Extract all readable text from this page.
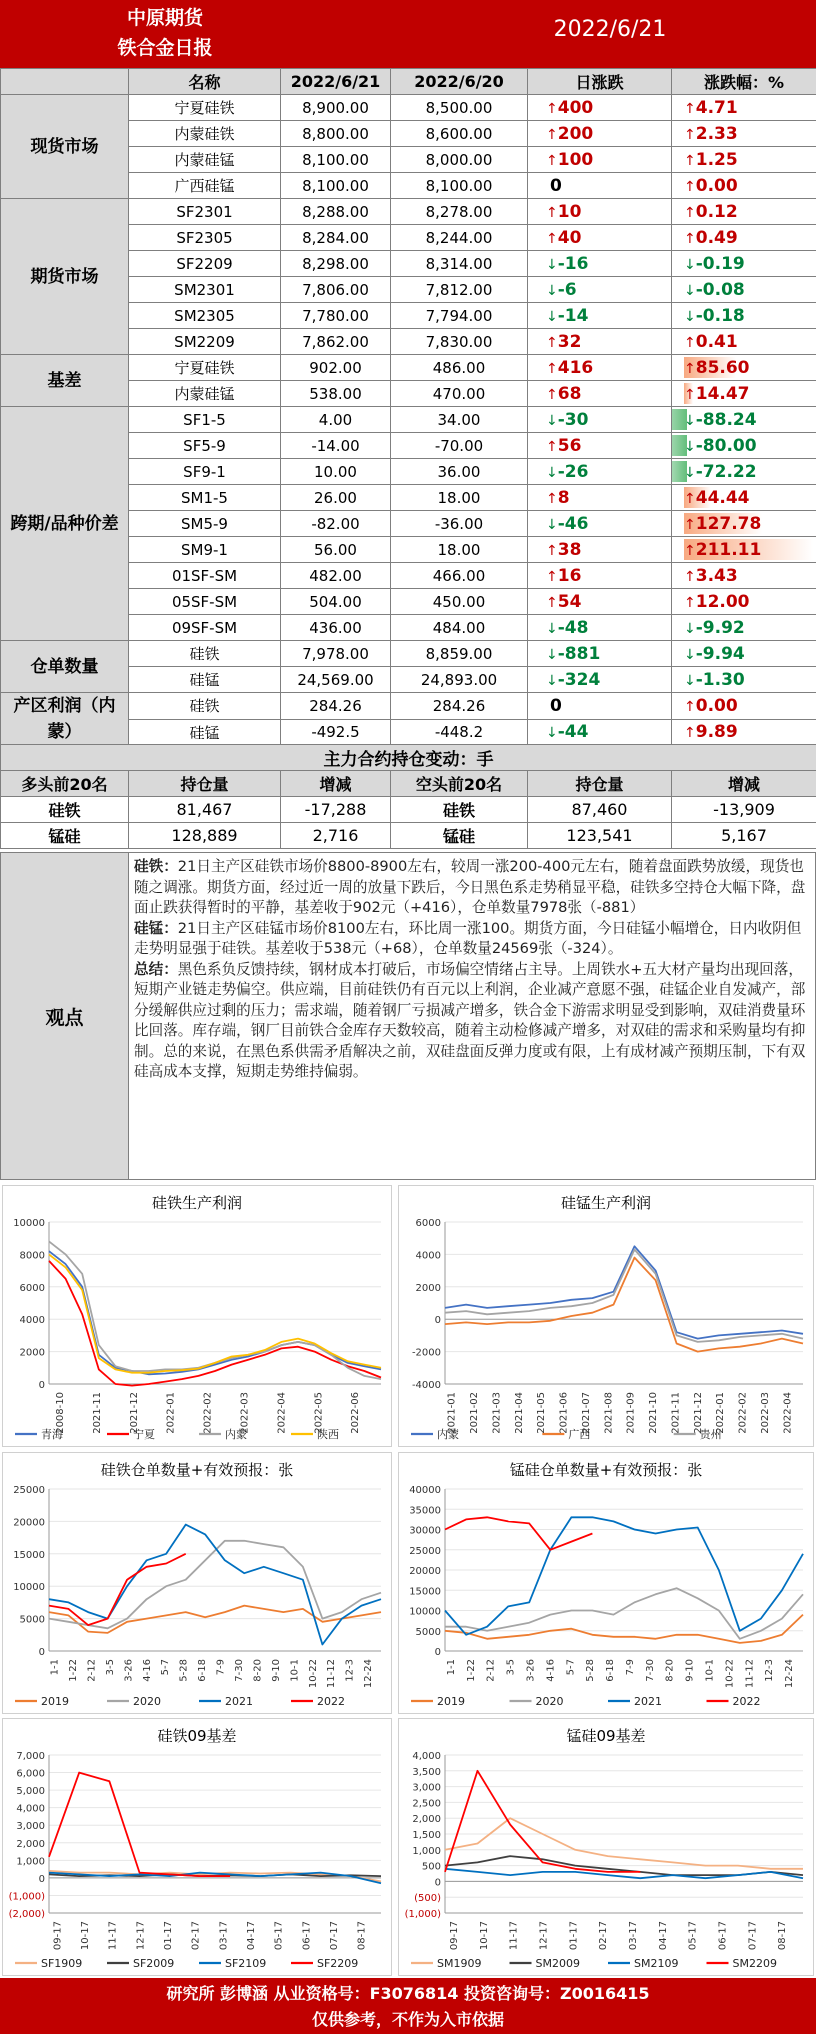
中原期货
铁合金日报
2022/6/21
	名称	2022/6/21	2022/6/20	日涨跌	涨跌幅：%
现货市场	宁夏硅铁	8,900.00	8,500.00	↑400	↑4.71
	内蒙硅铁	8,800.00	8,600.00	↑200	↑2.33
	内蒙硅锰	8,100.00	8,000.00	↑100	↑1.25
	广西硅锰	8,100.00	8,100.00	0	↑0.00
期货市场	SF2301	8,288.00	8,278.00	↑10	↑0.12
	SF2305	8,284.00	8,244.00	↑40	↑0.49
	SF2209	8,298.00	8,314.00	↓-16	↓-0.19
	SM2301	7,806.00	7,812.00	↓-6	↓-0.08
	SM2305	7,780.00	7,794.00	↓-14	↓-0.18
	SM2209	7,862.00	7,830.00	↑32	↑0.41
基差	宁夏硅铁	902.00	486.00	↑416	↑85.60
	内蒙硅锰	538.00	470.00	↑68	↑14.47
跨期/品种价差	SF1-5	4.00	34.00	↓-30	↓-88.24
	SF5-9	-14.00	-70.00	↑56	↓-80.00
	SF9-1	10.00	36.00	↓-26	↓-72.22
	SM1-5	26.00	18.00	↑8	↑44.44
	SM5-9	-82.00	-36.00	↓-46	↑127.78
	SM9-1	56.00	18.00	↑38	↑211.11
	01SF-SM	482.00	466.00	↑16	↑3.43
	05SF-SM	504.00	450.00	↑54	↑12.00
	09SF-SM	436.00	484.00	↓-48	↓-9.92
仓单数量	硅铁	7,978.00	8,859.00	↓-881	↓-9.94
	硅锰	24,569.00	24,893.00	↓-324	↓-1.30
产区利润（内蒙）	硅铁	284.26	284.26	0	↑0.00
	硅锰	-492.5	-448.2	↓-44	↑9.89
主力合约持仓变动：手					
多头前20名	持仓量	增减	空头前20名	持仓量	增减
硅铁	81,467	-17,288	硅铁	87,460	-13,909
锰硅	128,889	2,716	锰硅	123,541	5,167
观点

硅铁：21日主产区硅铁市场价8800-8900左右，较周一涨200-400元左右，随着盘面跌势放缓，现货也随之调涨。期货方面，经过近一周的放量下跌后，今日黑色系走势稍显平稳，硅铁多空持仓大幅下降，盘面止跌获得暂时的平静，基差收于902元（+416），仓单数量7978张（-881）

硅锰：21日主产区硅锰市场价8100左右，环比周一涨100。期货方面，今日硅锰小幅增仓，日内收阴但走势明显强于硅铁。基差收于538元（+68），仓单数量24569张（-324）。

总结：黑色系负反馈持续，钢材成本打破后，市场偏空情绪占主导。上周铁水+五大材产量均出现回落，短期产业链走势偏空。供应端，目前硅铁仍有百元以上利润，企业减产意愿不强，硅锰企业自发减产，部分缓解供应过剩的压力；需求端，随着钢厂亏损减产增多，铁合金下游需求明显受到影响，双硅消费量环比回落。库存端，钢厂目前铁合金库存天数较高，随着主动检修减产增多，对双硅的需求和采购量均有抑制。总的来说，在黑色系供需矛盾解决之前，双硅盘面反弹力度或有限，上有成材减产预期压制，下有双硅高成本支撑，短期走势维持偏弱。

硅铁生产利润
0
2000
4000
6000
8000
10000
2008-10	2021-11	2021-12	2022-01	2022-02	2022-03	2022-04	2022-05	2022-06
青海	宁夏	内蒙	陕西
硅锰生产利润
-4000
-2000
0
2000
4000
6000
2021-01 2021-02 2021-03 2021-04 2021-05 2021-06 2021-07 2021-08 2021-09 2021-10 2021-11 2021-12 2022-01 2022-02 2022-03 2022-04
内蒙	广西	贵州
硅铁仓单数量+有效预报：张
0
5000
10000
15000
20000
25000
1-1 1-22 2-12 3-5 3-26 4-16 5-7 5-28 6-18 7-9 7-30 8-20 9-10 10-1 10-22 11-12 12-3 12-24
2019	2020	2021	2022
锰硅仓单数量+有效预报：张
0
5000
10000
15000
20000
25000
30000
35000
40000
1-1 1-22 2-12 3-5 3-26 4-16 5-7 5-28 6-18 7-9 7-30 8-20 9-10 10-1 10-22 11-12 12-3 12-24
2019	2020	2021	2022
硅铁09基差
(2,000)
(1,000)
0
1,000
2,000
3,000
4,000
5,000
6,000
7,000
09-17 10-17 11-17 12-17 01-17 02-17 03-17 04-17 05-17 06-17 07-17 08-17
SF1909	SF2009	SF2109	SF2209
锰硅09基差
(1,000)
(500)
0
500
1,000
1,500
2,000
2,500
3,000
3,500
4,000
09-17 10-17 11-17 12-17 01-17 02-17 03-17 04-17 05-17 06-17 07-17 08-17
SM1909	SM2009	SM2109	SM2209
研究所 彭博涵 从业资格号：F3076814 投资咨询号：Z0016415
仅供参考，不作为入市依据
